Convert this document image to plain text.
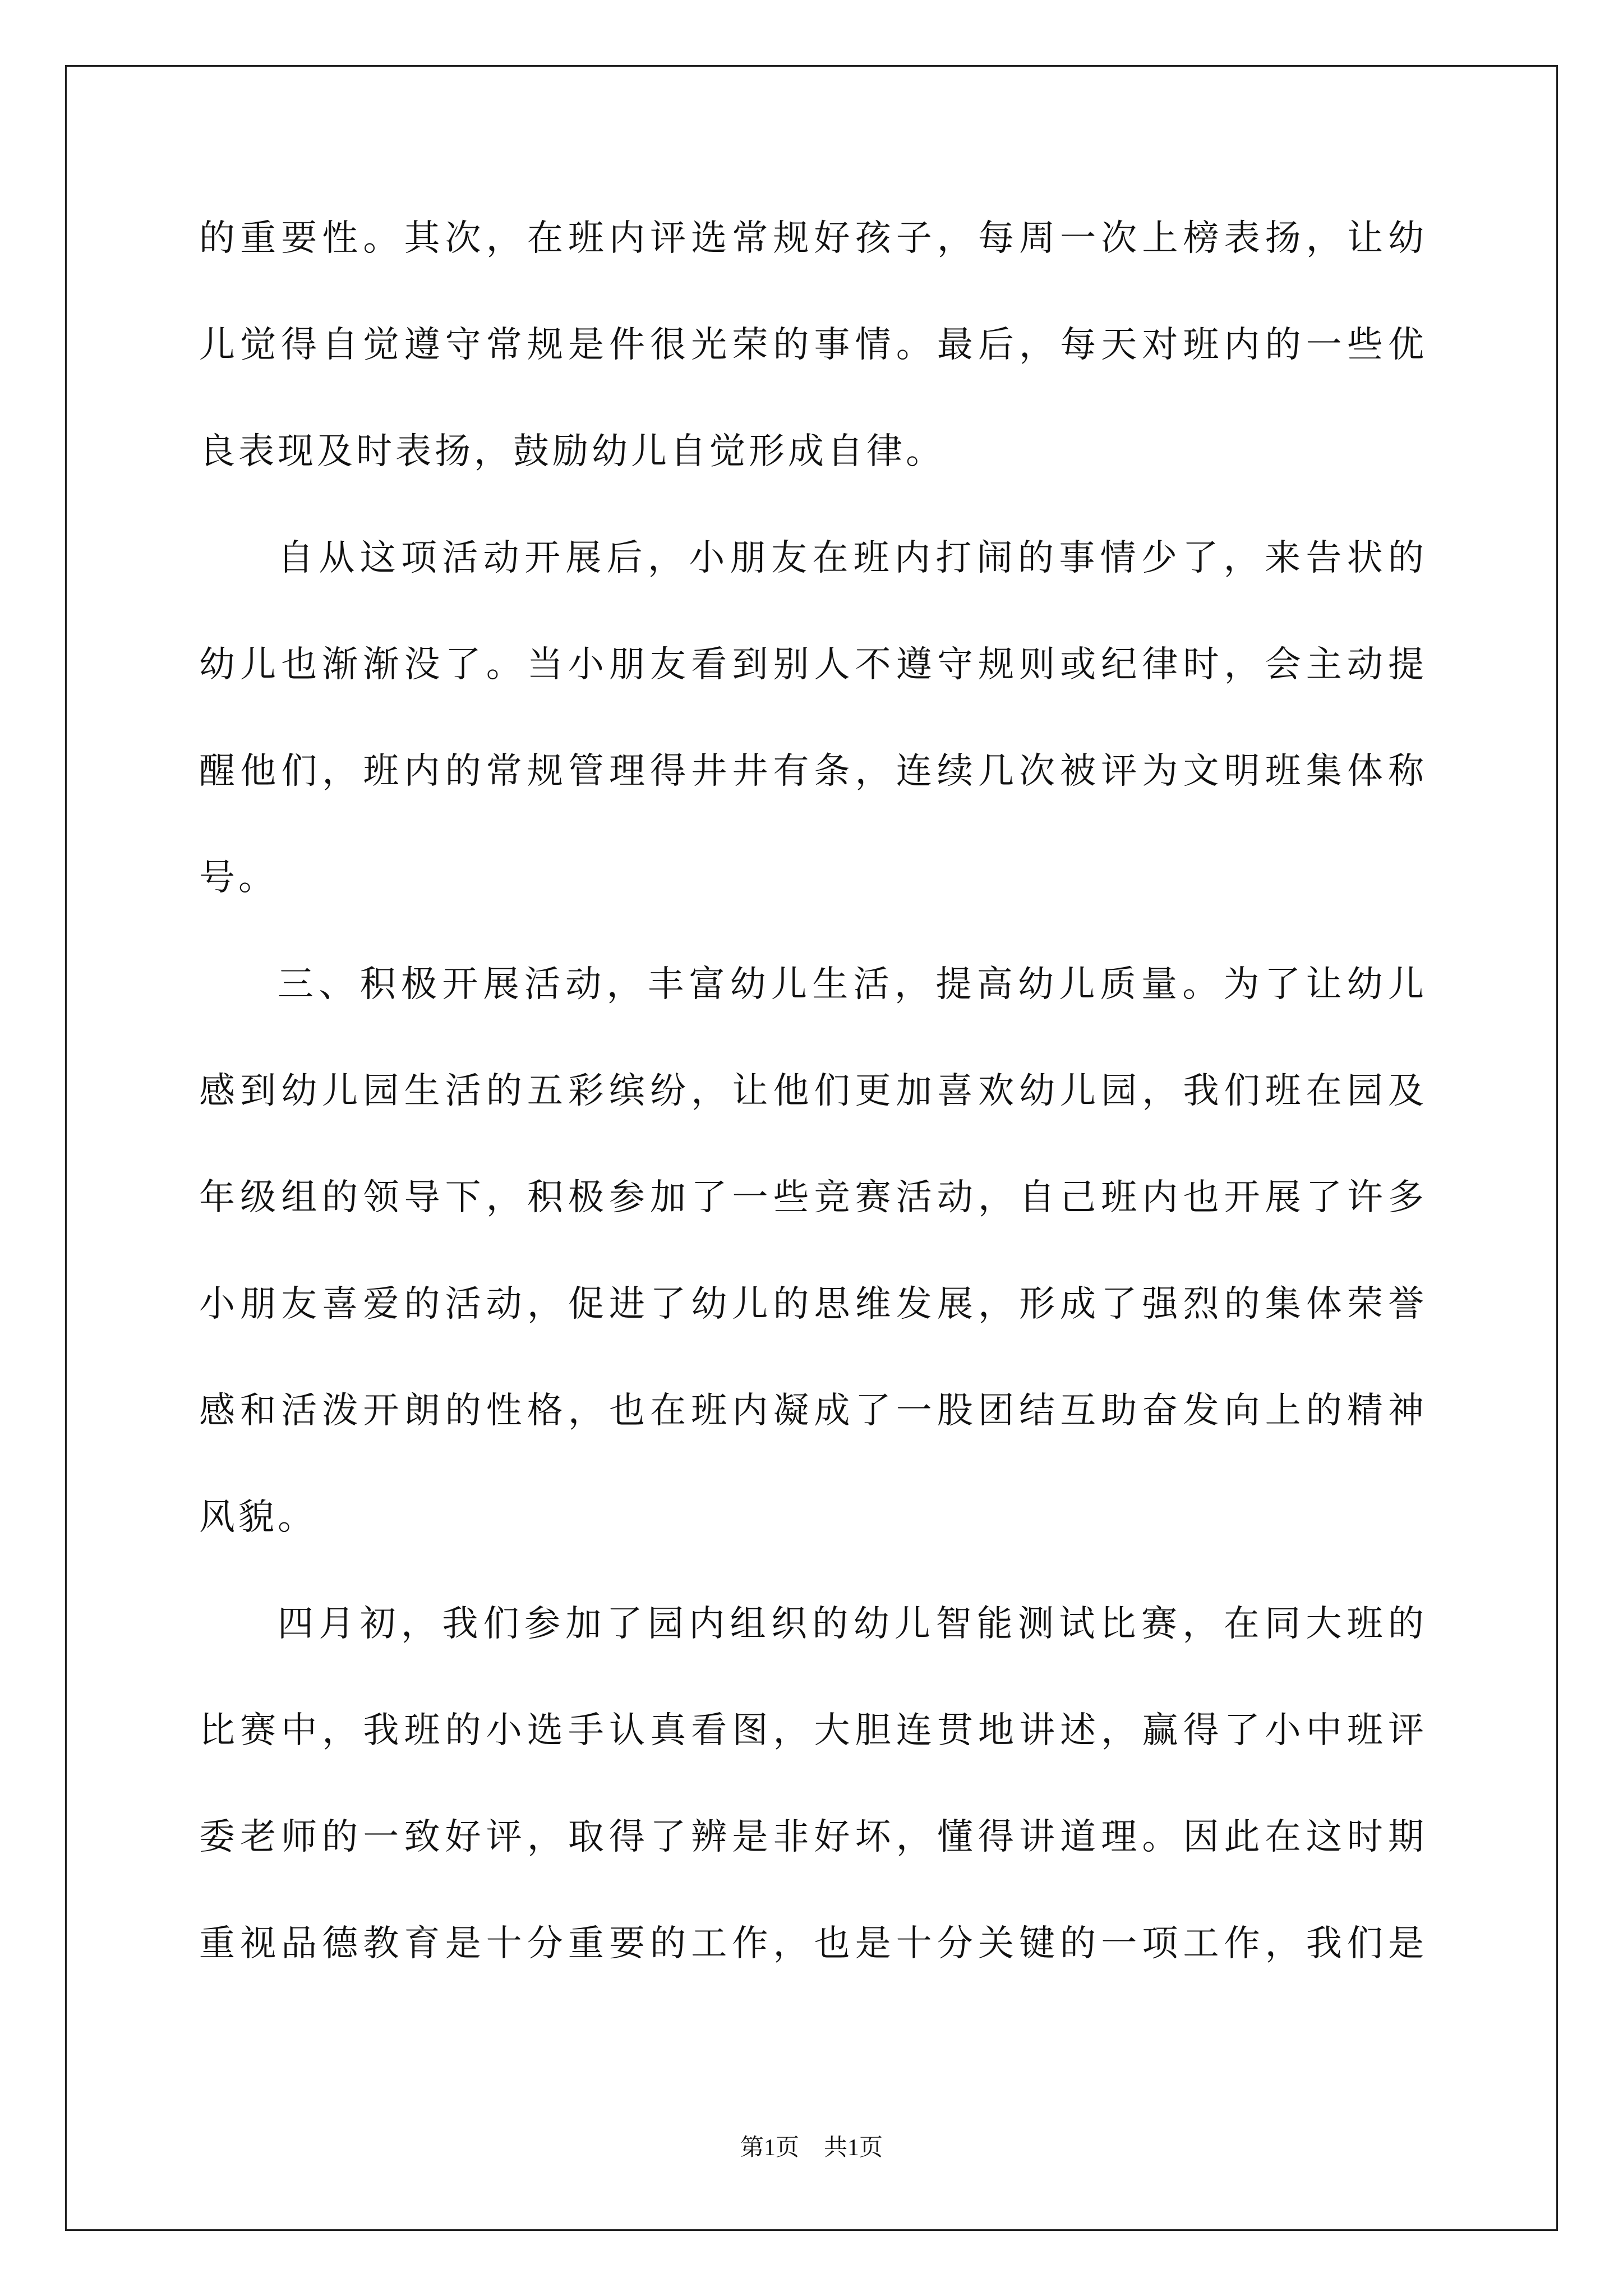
的重要性。其次，在班内评选常规好孩子，每周一次上榜表扬，让幼
儿觉得自觉遵守常规是件很光荣的事情。最后，每天对班内的一些优
良表现及时表扬，鼓励幼儿自觉形成自律。

自从这项活动开展后，小朋友在班内打闹的事情少了，来告状的
幼儿也渐渐没了。当小朋友看到别人不遵守规则或纪律时，会主动提
醒他们，班内的常规管理得井井有条，连续几次被评为文明班集体称
号。

三、积极开展活动，丰富幼儿生活，提高幼儿质量。为了让幼儿
感到幼儿园生活的五彩缤纷，让他们更加喜欢幼儿园，我们班在园及
年级组的领导下，积极参加了一些竞赛活动，自己班内也开展了许多
小朋友喜爱的活动，促进了幼儿的思维发展，形成了强烈的集体荣誉
感和活泼开朗的性格，也在班内凝成了一股团结互助奋发向上的精神
风貌。

四月初，我们参加了园内组织的幼儿智能测试比赛，在同大班的
比赛中，我班的小选手认真看图，大胆连贯地讲述，赢得了小中班评
委老师的一致好评，取得了辨是非好坏，懂得讲道理。因此在这时期
重视品德教育是十分重要的工作，也是十分关键的一项工作，我们是

第1页 共1页
